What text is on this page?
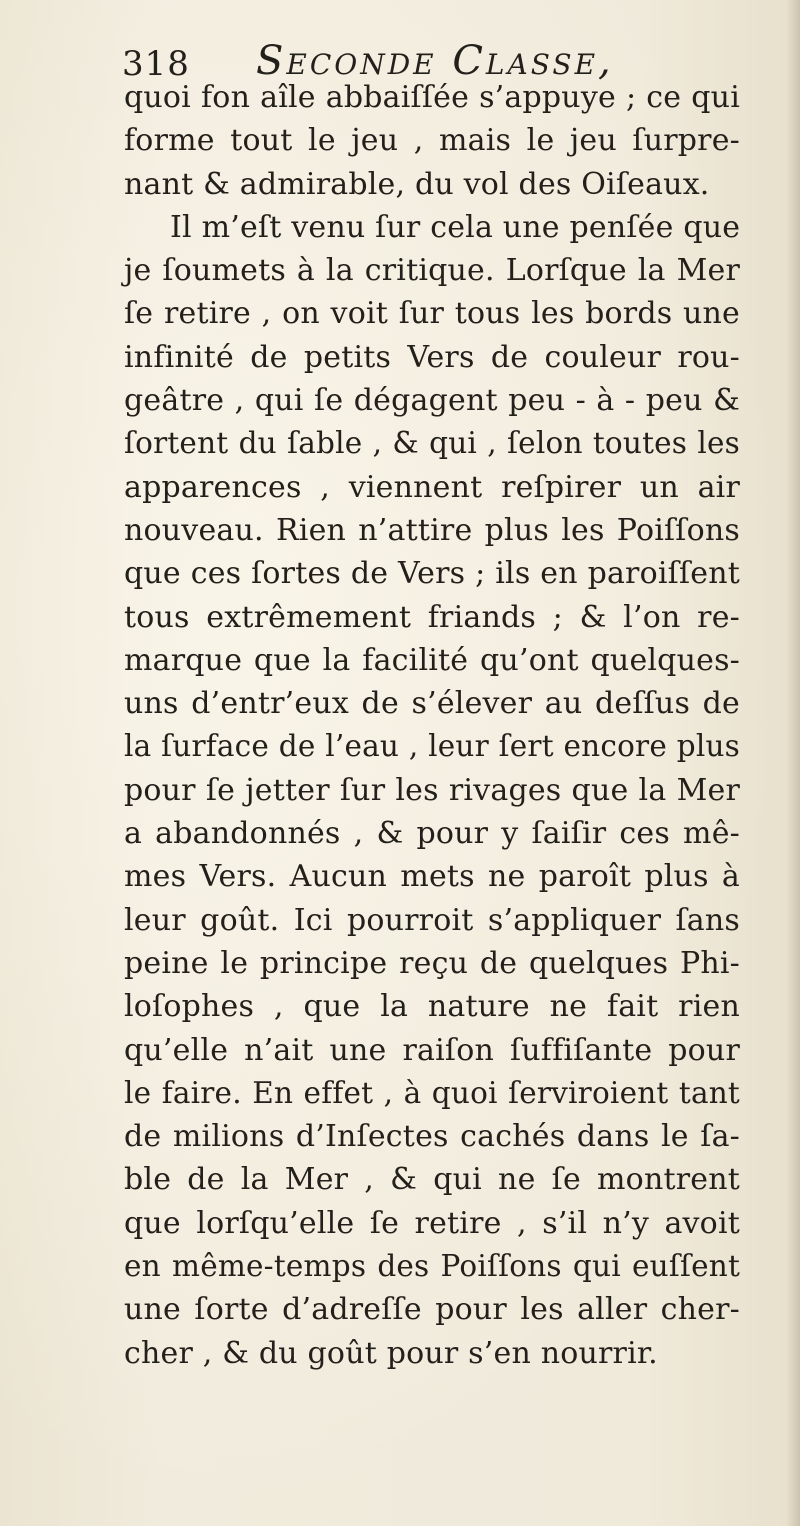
318 Seconde Classe,
quoi fon aîle abbaiſſée s’appuye ; ce qui
forme tout le jeu , mais le jeu ſurpre-
nant & admirable, du vol des Oiſeaux.
Il m’eſt venu ſur cela une penſée que
je ſoumets à la critique. Lorſque la Mer
ſe retire , on voit ſur tous les bords une
infinité de petits Vers de couleur rou-
geâtre , qui ſe dégagent peu - à - peu &
ſortent du ſable , & qui , ſelon toutes les
apparences , viennent reſpirer un air
nouveau. Rien n’attire plus les Poiſſons
que ces ſortes de Vers ; ils en paroiſſent
tous extrêmement friands ; & l’on re-
marque que la facilité qu’ont quelques-
uns d’entr’eux de s’élever au deſſus de
la ſurface de l’eau , leur ſert encore plus
pour ſe jetter ſur les rivages que la Mer
a abandonnés , & pour y ſaiſir ces mê-
mes Vers. Aucun mets ne paroît plus à
leur goût. Ici pourroit s’appliquer ſans
peine le principe reçu de quelques Phi-
loſophes , que la nature ne fait rien
qu’elle n’ait une raiſon ſuffiſante pour
le faire. En effet , à quoi ſerviroient tant
de milions d’Inſectes cachés dans le ſa-
ble de la Mer , & qui ne ſe montrent
que lorſqu’elle ſe retire , s’il n’y avoit
en même-temps des Poiſſons qui euſſent
une ſorte d’adreſſe pour les aller cher-
cher , & du goût pour s’en nourrir.
